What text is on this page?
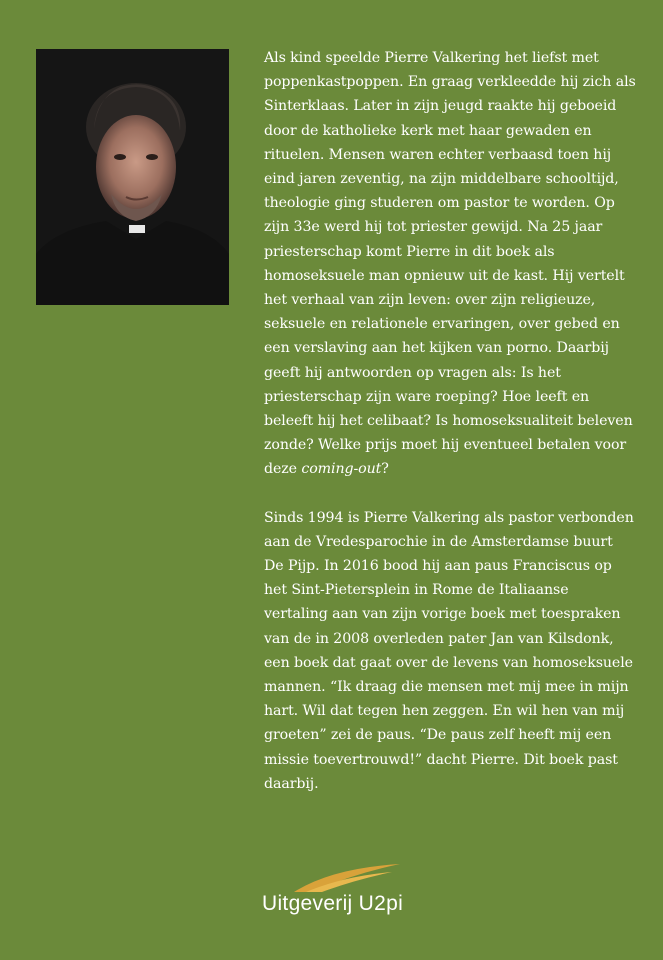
Als kind speelde Pierre Valkering het liefst met poppenkastpoppen. En graag verkleedde hij zich als Sinterklaas. Later in zijn jeugd raakte hij geboeid door de katholieke kerk met haar gewaden en rituelen. Mensen waren echter verbaasd toen hij eind jaren zeventig, na zijn middelbare schooltijd, theologie ging studeren om pastor te worden. Op zijn 33e werd hij tot priester gewijd. Na 25 jaar priesterschap komt Pierre in dit boek als homoseksuele man opnieuw uit de kast. Hij vertelt het verhaal van zijn leven: over zijn religieuze, seksuele en relationele ervaringen, over gebed en een verslaving aan het kijken van porno. Daarbij geeft hij antwoorden op vragen als: Is het priesterschap zijn ware roeping? Hoe leeft en beleeft hij het celibaat? Is homoseksualiteit beleven zonde? Welke prijs moet hij eventueel betalen voor deze coming-out?

Sinds 1994 is Pierre Valkering als pastor verbonden aan de Vredesparochie in de Amsterdamse buurt De Pijp. In 2016 bood hij aan paus Franciscus op het Sint-Pietersplein in Rome de Italiaanse vertaling aan van zijn vorige boek met toespraken van de in 2008 overleden pater Jan van Kilsdonk, een boek dat gaat over de levens van homoseksuele mannen. “Ik draag die mensen met mij mee in mijn hart. Wil dat tegen hen zeggen. En wil hen van mij groeten” zei de paus. “De paus zelf heeft mij een missie toevertrouwd!” dacht Pierre. Dit boek past daarbij.

Uitgeverij U2pi
